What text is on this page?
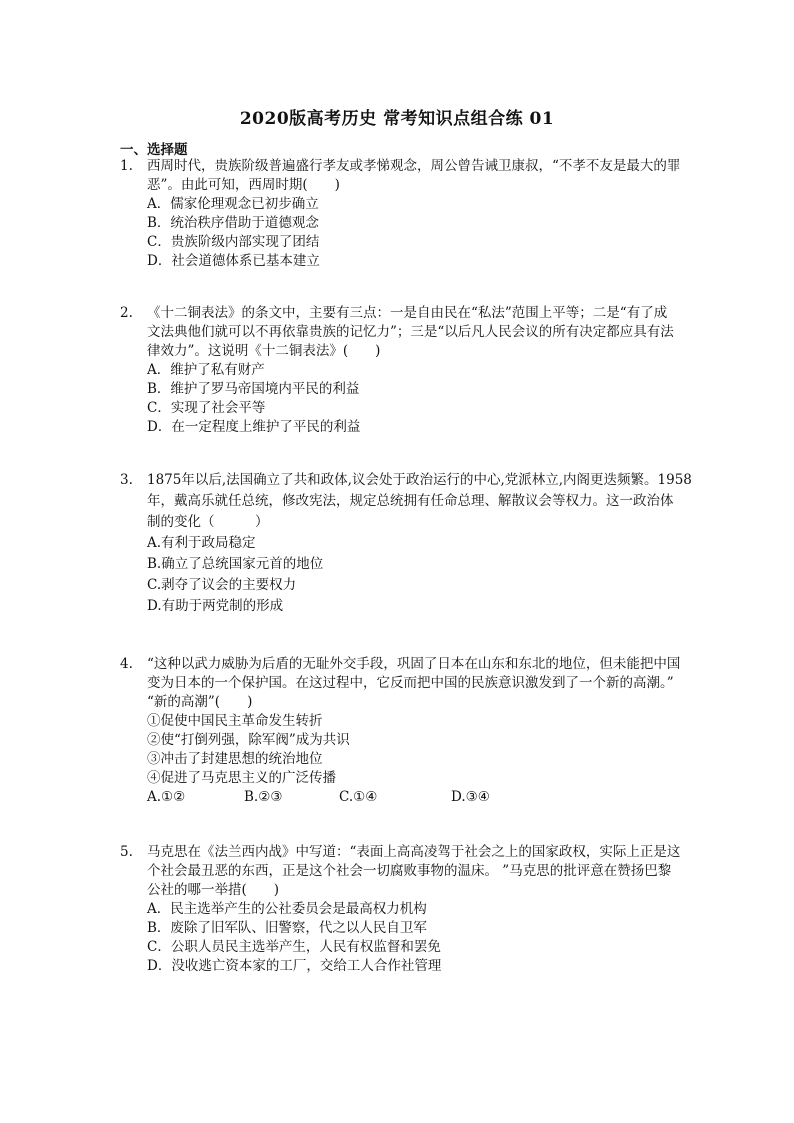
2020版高考历史 常考知识点组合练 01
一、选择题
1. 西周时代，贵族阶级普遍盛行孝友或孝悌观念，周公曾告诫卫康叔，“不孝不友是最大的罪
恶”。由此可知，西周时期(　　)
A．儒家伦理观念已初步确立
B．统治秩序借助于道德观念
C．贵族阶级内部实现了团结
D．社会道德体系已基本建立
2. 《十二铜表法》的条文中，主要有三点：一是自由民在“私法”范围上平等；二是“有了成
文法典他们就可以不再依靠贵族的记忆力”；三是“以后凡人民会议的所有决定都应具有法
律效力”。这说明《十二铜表法》(　　)
A．维护了私有财产
B．维护了罗马帝国境内平民的利益
C．实现了社会平等
D．在一定程度上维护了平民的利益
3. 1875年以后,法国确立了共和政体,议会处于政治运行的中心,党派林立,内阁更迭频繁。1958
年，戴高乐就任总统，修改宪法，规定总统拥有任命总理、解散议会等权力。这一政治体
制的变化（　　　）
A.有利于政局稳定
B.确立了总统国家元首的地位
C.剥夺了议会的主要权力
D.有助于两党制的形成
4. “这种以武力威胁为后盾的无耻外交手段，巩固了日本在山东和东北的地位，但未能把中国
变为日本的一个保护国。在这过程中，它反而把中国的民族意识激发到了一个新的高潮。”
“新的高潮”(　　)
①促使中国民主革命发生转折
②使“打倒列强，除军阀”成为共识
③冲击了封建思想的统治地位
④促进了马克思主义的广泛传播
A.①②	B.②③	C.①④	D.③④
5. 马克思在《法兰西内战》中写道：“表面上高高凌驾于社会之上的国家政权，实际上正是这
个社会最丑恶的东西，正是这个社会一切腐败事物的温床。 ”马克思的批评意在赞扬巴黎
公社的哪一举措(　　)
A．民主选举产生的公社委员会是最高权力机构
B．废除了旧军队、旧警察，代之以人民自卫军
C．公职人员民主选举产生，人民有权监督和罢免
D．没收逃亡资本家的工厂，交给工人合作社管理
